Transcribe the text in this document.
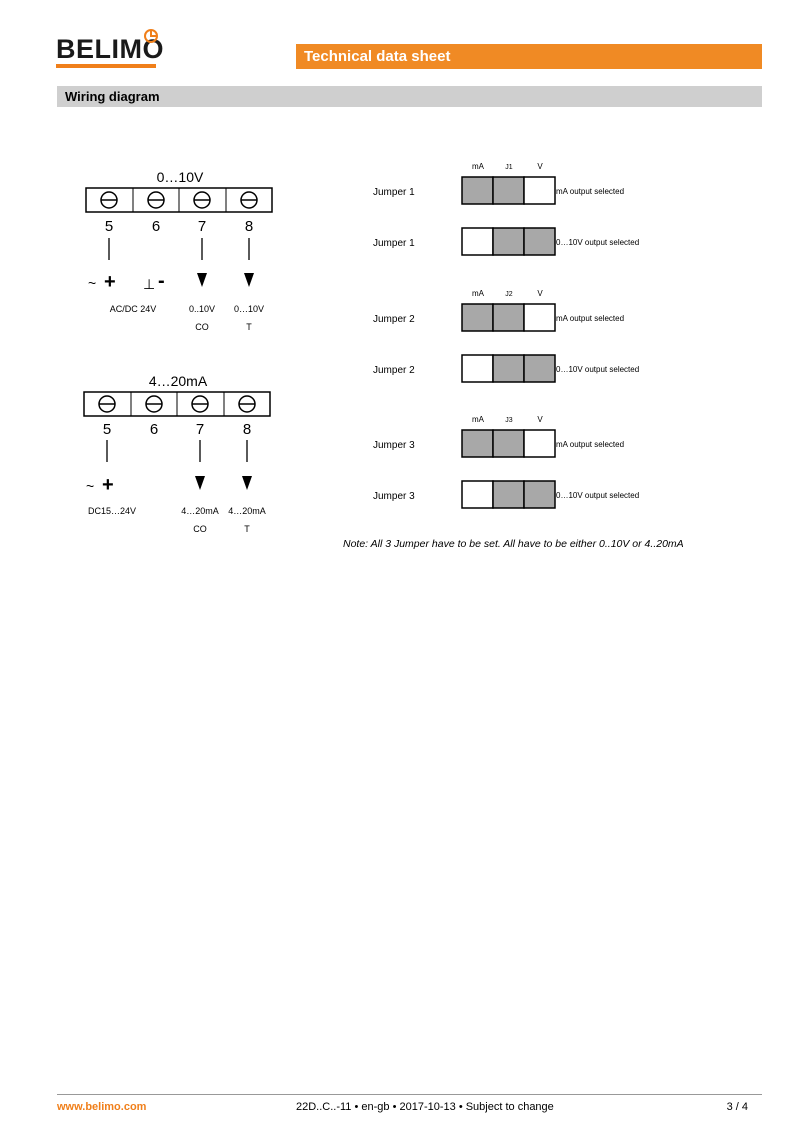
BELIMO	Technical data sheet
Wiring diagram
0…10V
5	6	7	8
~ + ⊥ -
AC/DC 24V	0..10V 0…10V
CO	T
4…20mA
5	6	7	8
~ +
DC15…24V	4…20mA 4…20mA
CO	T
mA	J1	V
mA	J2	V
mA	J3	V
Jumper 1	mA output selected
Jumper 1	0…10V output selected
Jumper 2	mA output selected
Jumper 2	0…10V output selected
Jumper 3	mA output selected
Jumper 3	0…10V output selected
Note: All 3 Jumper have to be set. All have to be either 0..10V or 4..20mA
www.belimo.com	22D..C..-11 • en-gb • 2017-10-13 • Subject to change	3 / 4
